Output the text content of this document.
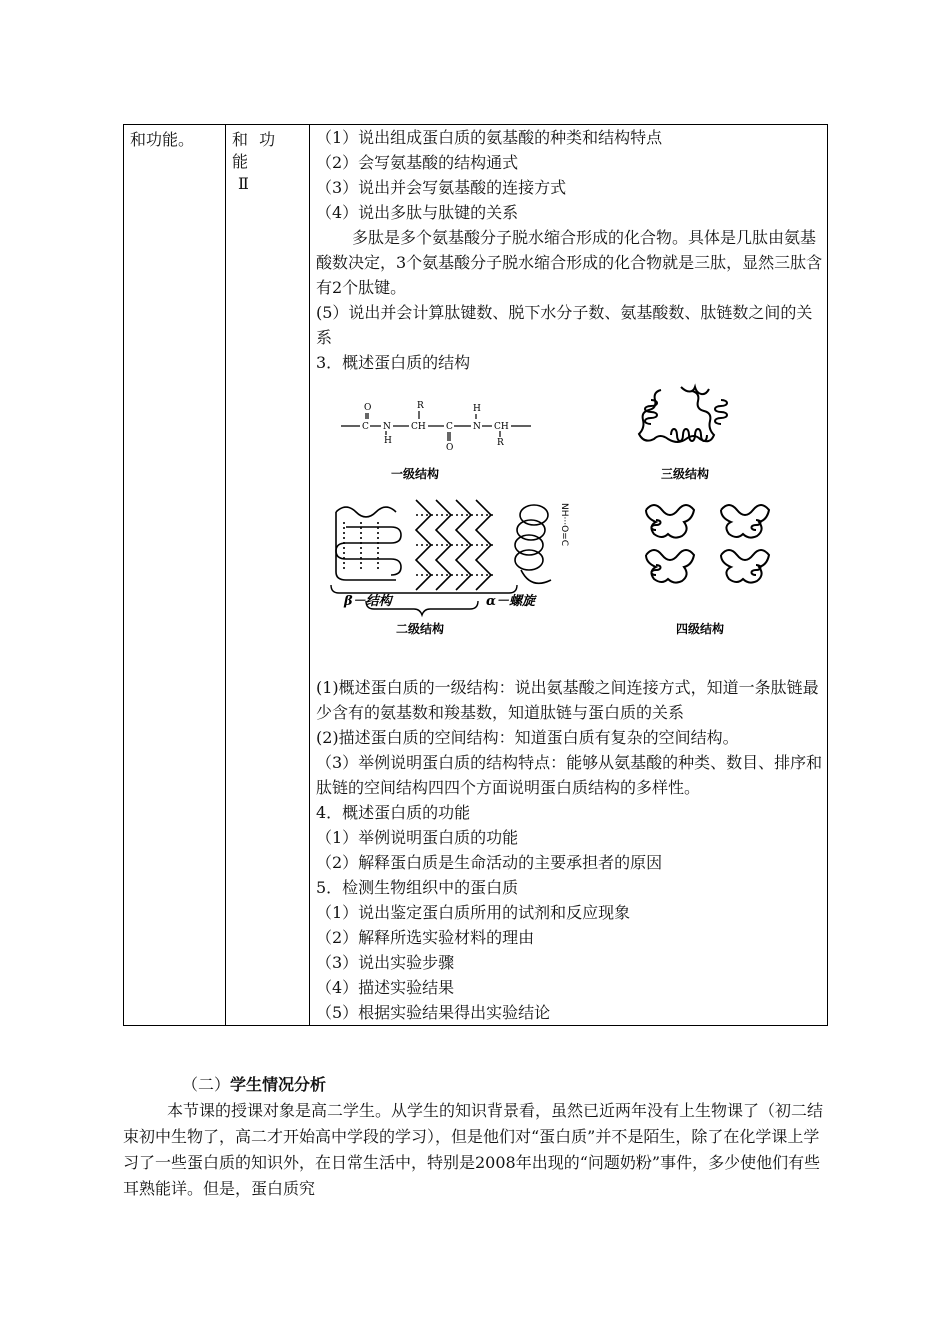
和功能。	和 功 能
Ⅱ

（1）说出组成蛋白质的氨基酸的种类和结构特点
（2）会写氨基酸的结构通式
（3）说出并会写氨基酸的连接方式
（4）说出多肽与肽键的关系
多肽是多个氨基酸分子脱水缩合形成的化合物。具体是几肽由氨基酸数决定，3个氨基酸分子脱水缩合形成的化合物就是三肽，显然三肽含有2个肽键。
(5）说出并会计算肽键数、脱下水分子数、氨基酸数、肽链数之间的关系
3．概述蛋白质的结构
O
C N
H
R
CH C
O
H
N CH
R
一级结构	三级结构
NH···O=C
β－结构	α－螺旋
二级结构	四级结构
(1)概述蛋白质的一级结构：说出氨基酸之间连接方式，知道一条肽链最少含有的氨基数和羧基数，知道肽链与蛋白质的关系
(2)描述蛋白质的空间结构：知道蛋白质有复杂的空间结构。
（3）举例说明蛋白质的结构特点：能够从氨基酸的种类、数目、排序和肽链的空间结构四四个方面说明蛋白质结构的多样性。
4．概述蛋白质的功能
（1）举例说明蛋白质的功能
（2）解释蛋白质是生命活动的主要承担者的原因
5．检测生物组织中的蛋白质
（1）说出鉴定蛋白质所用的试剂和反应现象
（2）解释所选实验材料的理由
（3）说出实验步骤
（4）描述实验结果
（5）根据实验结果得出实验结论
（二）学生情况分析

本节课的授课对象是高二学生。从学生的知识背景看，虽然已近两年没有上生物课了（初二结束初中生物了，高二才开始高中学段的学习），但是他们对“蛋白质”并不是陌生，除了在化学课上学习了一些蛋白质的知识外，在日常生活中，特别是2008年出现的“问题奶粉”事件，多少使他们有些耳熟能详。但是，蛋白质究
